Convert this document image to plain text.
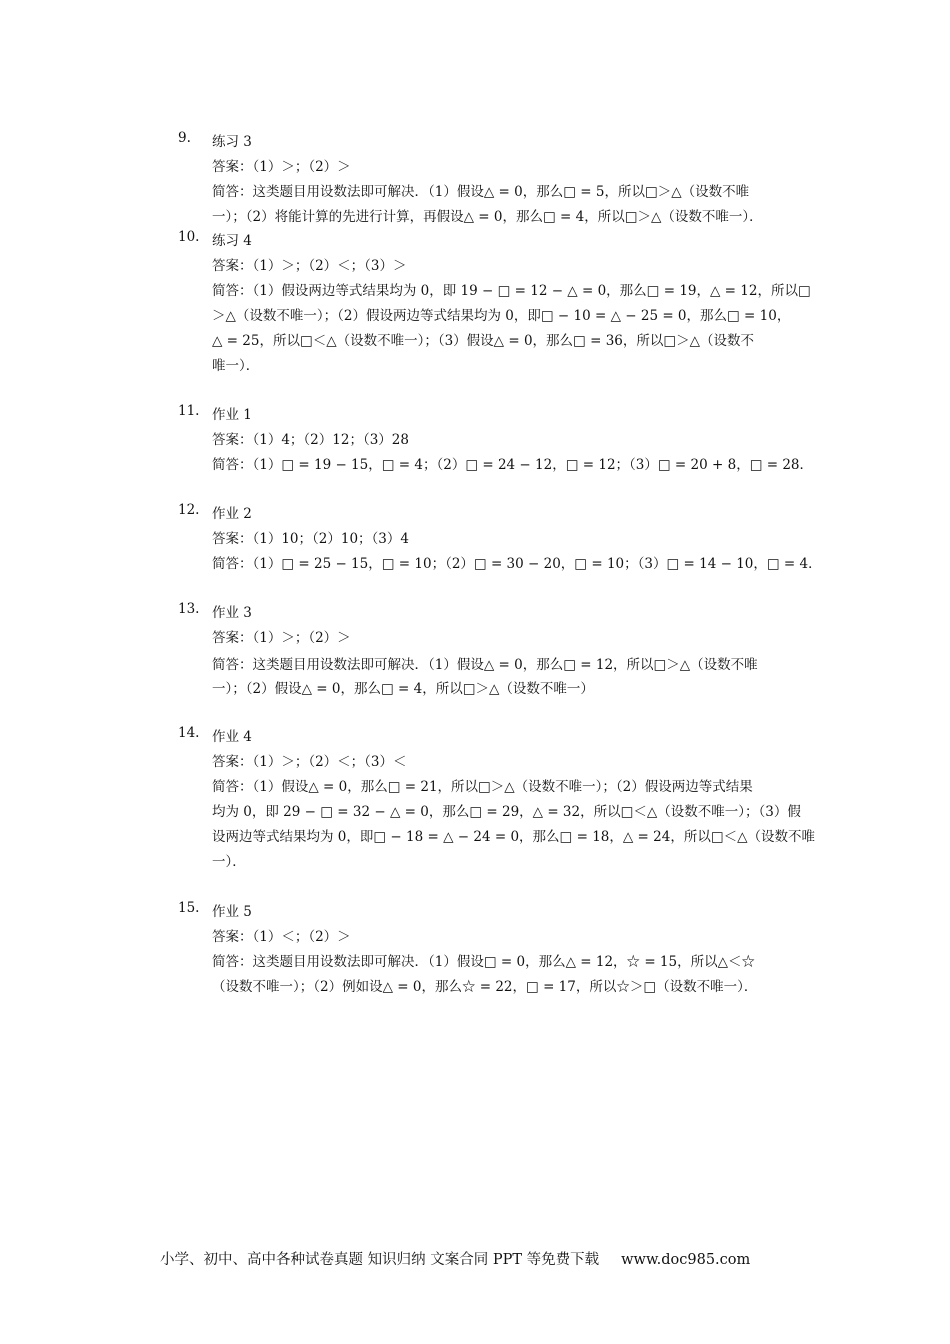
9. 练习 3
答案：（1）＞；（2）＞
简答：这类题目用设数法即可解决．（1）假设△ = 0，那么□ = 5，所以□＞△（设数不唯
一）；（2）将能计算的先进行计算，再假设△ = 0，那么□ = 4，所以□＞△（设数不唯一）．
10. 练习 4
答案：（1）＞；（2）＜；（3）＞
简答：（1）假设两边等式结果均为 0，即 19 − □ = 12 − △ = 0，那么□ = 19，△ = 12，所以□
＞△（设数不唯一）；（2）假设两边等式结果均为 0，即□ − 10 = △ − 25 = 0，那么□ = 10，
△ = 25，所以□＜△（设数不唯一）；（3）假设△ = 0，那么□ = 36，所以□＞△（设数不
唯一）．
11. 作业 1
答案：（1）4；（2）12；（3）28
简答：（1）□ = 19 − 15，□ = 4；（2）□ = 24 − 12，□ = 12；（3）□ = 20 + 8，□ = 28．
12. 作业 2
答案：（1）10；（2）10；（3）4
简答：（1）□ = 25 − 15，□ = 10；（2）□ = 30 − 20，□ = 10；（3）□ = 14 − 10，□ = 4．
13. 作业 3
答案：（1）＞；（2）＞
简答：这类题目用设数法即可解决．（1）假设△ = 0，那么□ = 12，所以□＞△（设数不唯
一）；（2）假设△ = 0，那么□ = 4，所以□＞△（设数不唯一）
14. 作业 4
答案：（1）＞；（2）＜；（3）＜
简答：（1）假设△ = 0，那么□ = 21，所以□＞△（设数不唯一）；（2）假设两边等式结果
均为 0，即 29 − □ = 32 − △ = 0，那么□ = 29，△ = 32，所以□＜△（设数不唯一）；（3）假
设两边等式结果均为 0，即□ − 18 = △ − 24 = 0，那么□ = 18，△ = 24，所以□＜△（设数不唯
一）．
15. 作业 5
答案：（1）＜；（2）＞
简答：这类题目用设数法即可解决．（1）假设□ = 0，那么△ = 12，☆ = 15，所以△＜☆
（设数不唯一）；（2）例如设△ = 0，那么☆ = 22，□ = 17，所以☆＞□（设数不唯一）．
小学、初中、高中各种试卷真题 知识归纳 文案合同 PPT 等免费下载 www.doc985.com
